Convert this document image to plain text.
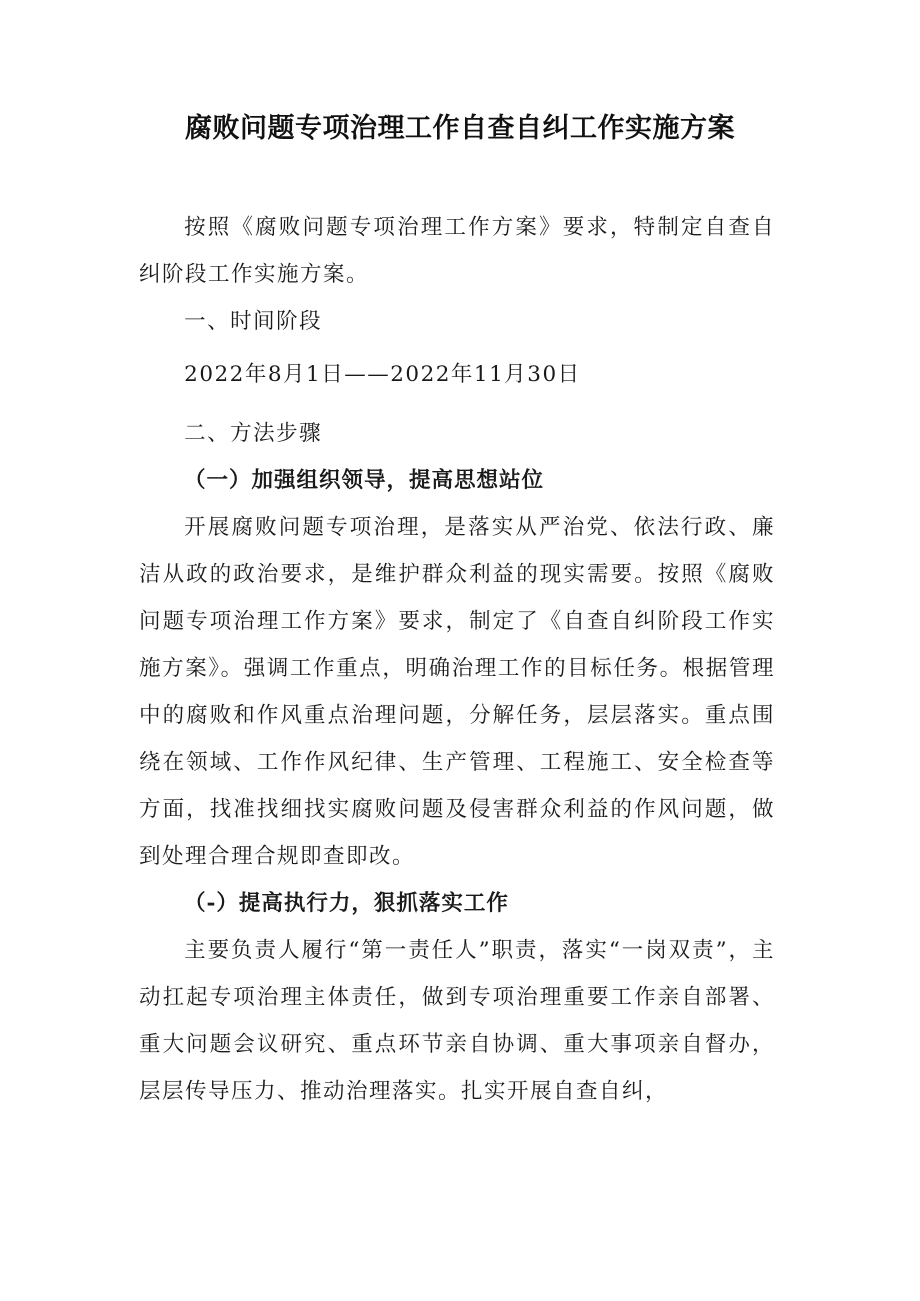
腐败问题专项治理工作自查自纠工作实施方案

按照《腐败问题专项治理工作方案》要求，特制定自查自纠阶段工作实施方案。

一、时间阶段

2022年8月1日——2022年11月30日

二、方法步骤

（一）加强组织领导，提高思想站位

开展腐败问题专项治理，是落实从严治党、依法行政、廉洁从政的政治要求，是维护群众利益的现实需要。按照《腐败问题专项治理工作方案》要求，制定了《自查自纠阶段工作实施方案》。强调工作重点，明确治理工作的目标任务。根据管理中的腐败和作风重点治理问题，分解任务，层层落实。重点围绕在领域、工作作风纪律、生产管理、工程施工、安全检查等方面，找准找细找实腐败问题及侵害群众利益的作风问题，做到处理合理合规即查即改。

（-）提高执行力，狠抓落实工作

主要负责人履行“第一责任人”职责，落实“一岗双责”，主动扛起专项治理主体责任，做到专项治理重要工作亲自部署、重大问题会议研究、重点环节亲自协调、重大事项亲自督办，层层传导压力、推动治理落实。扎实开展自查自纠，
